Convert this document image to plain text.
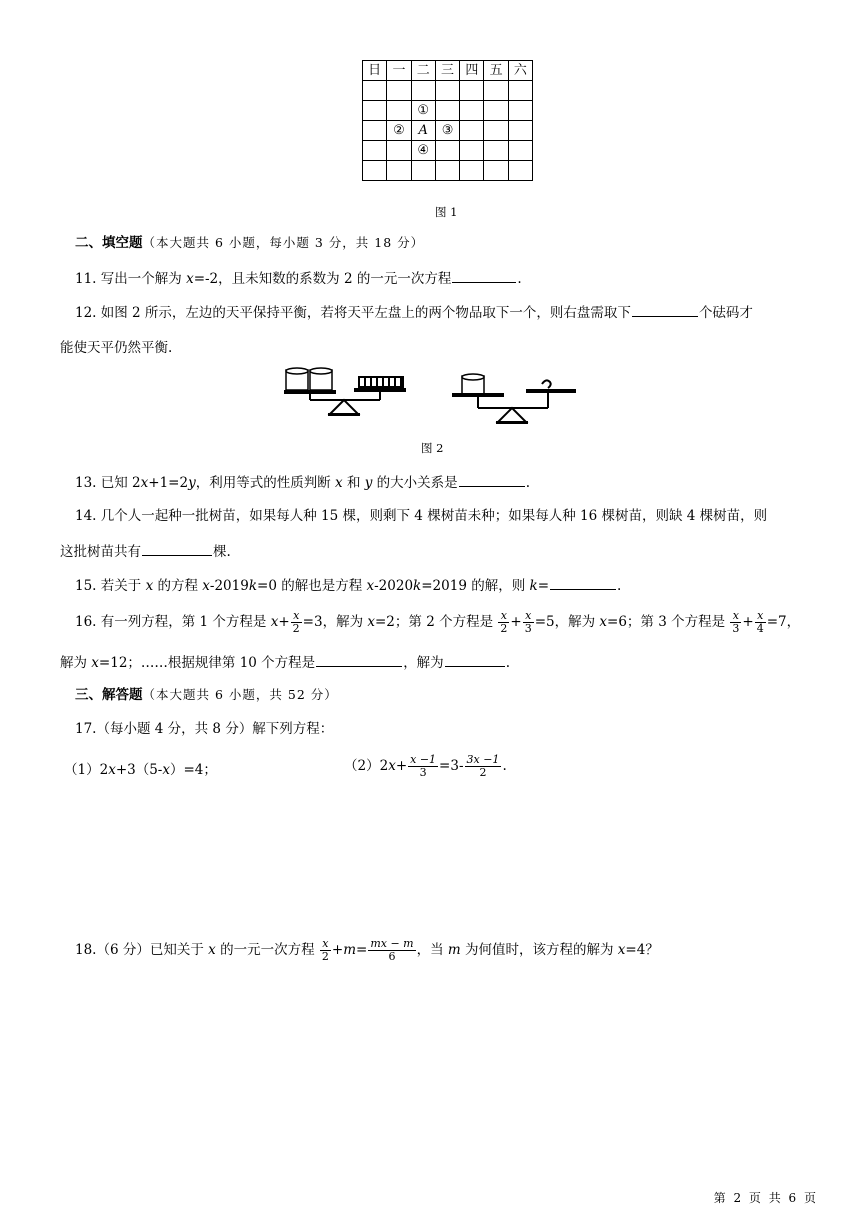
日	一	二	三	四	五	六

		①				
	②	A	③			
		④				

图 1
二、填空题（本大题共 6 小题，每小题 3 分，共 18 分）
11. 写出一个解为 x=-2，且未知数的系数为 2 的一元一次方程	.
12. 如图 2 所示，左边的天平保持平衡，若将天平左盘上的两个物品取下一个，则右盘需取下	个砝码才
能使天平仍然平衡.
图 2
13. 已知 2x+1=2y，利用等式的性质判断 x 和 y 的大小关系是	.
14. 几个人一起种一批树苗，如果每人种 15 棵，则剩下 4 棵树苗未种；如果每人种 16 棵树苗，则缺 4 棵树苗，则
这批树苗共有	棵.
15. 若关于 x 的方程 x-2019k=0 的解也是方程 x-2020k=2019 的解，则 k=	.
16. 有一列方程，第 1 个方程是 $x+ \frac{x}{2} =3$，解为 x=2；第 2 个方程是 $\frac{x}{2} + \frac{x}{3} =5$，解为 x=6；第 3 个方程是 $\frac{x}{3} + \frac{x}{4} =7$，
解为 x=12；……根据规律第 10 个方程是	，解为	.
三、解答题（本大题共 6 小题，共 52 分）
17.（每小题 4 分，共 8 分）解下列方程：
（1）2x+3（5-x）=4；	$(2)2x+ \frac{x -1}{3} =3- \frac{3x -1}{2}$ .
18.（6 分）已知关于 x 的一元一次方程 $\frac{x}{2} +m= \frac{mx - m}{6}$ ，当 m 为何值时，该方程的解为 x=4？
第 2 页 共 6 页
